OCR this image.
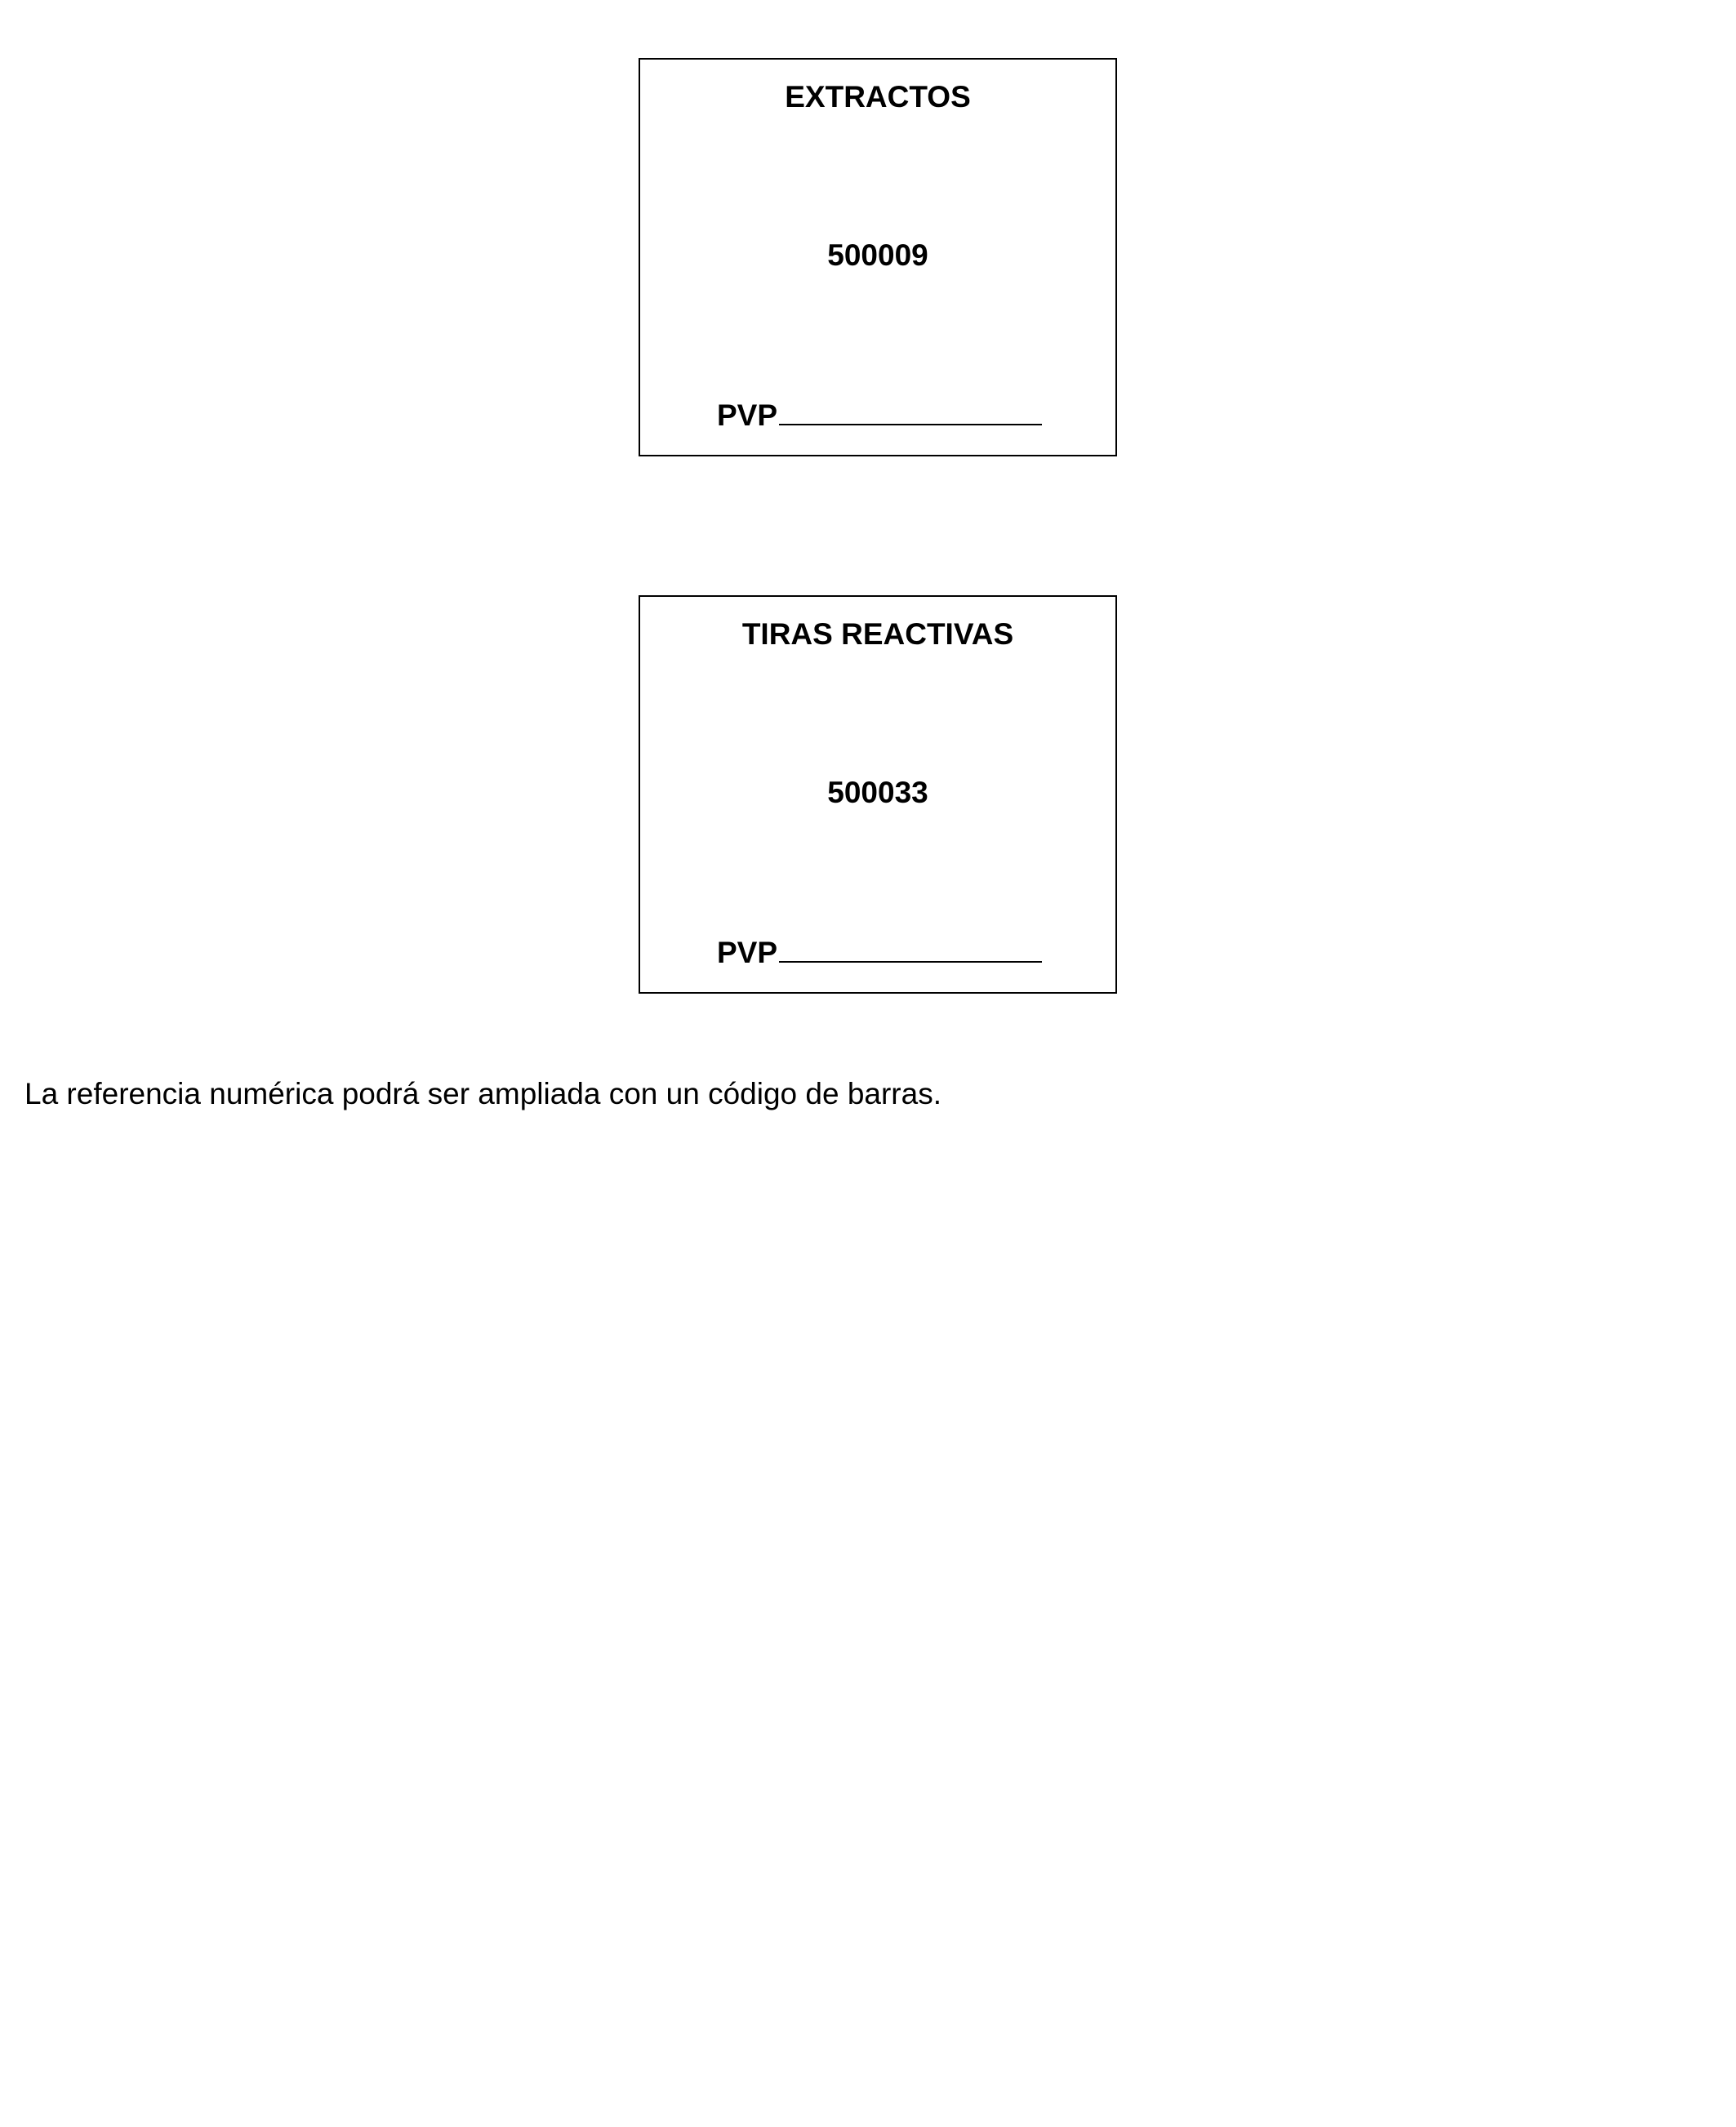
EXTRACTOS
500009
PVP
TIRAS REACTIVAS
500033
PVP
La referencia numérica podrá ser ampliada con un código de barras.
